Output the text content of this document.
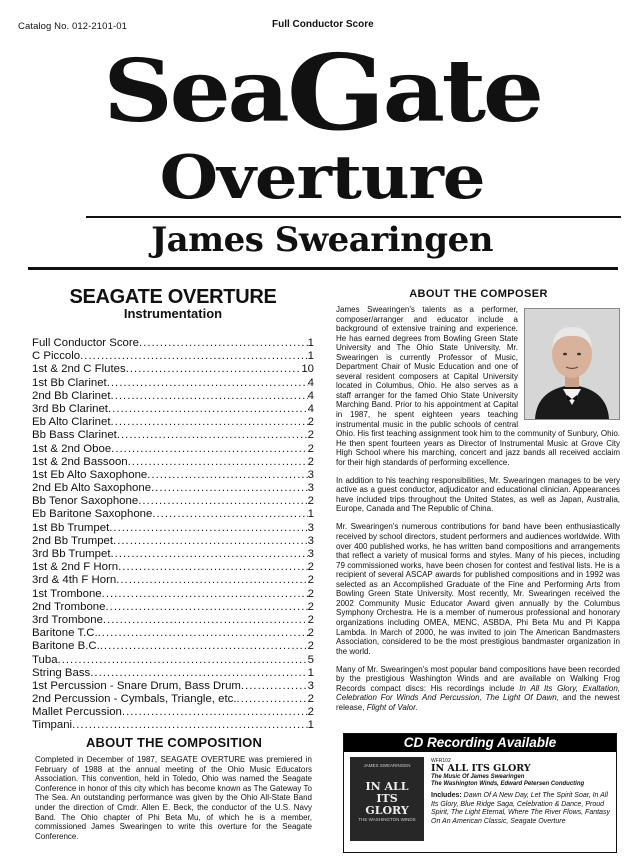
Catalog No. 012-2101-01	Full Conductor Score
SeaGate
Overture
James Swearingen
SEAGATE OVERTURE
Instrumentation
Full Conductor Score .....	1
C Piccolo .....	1
1st & 2nd C Flutes .....	10
1st Bb Clarinet .....	4
2nd Bb Clarinet .....	4
3rd Bb Clarinet .....	4
Eb Alto Clarinet .....	2
Bb Bass Clarinet .....	2
1st & 2nd Oboe .....	2
1st & 2nd Bassoon .....	2
1st Eb Alto Saxophone .....	3
2nd Eb Alto Saxophone .....	3
Bb Tenor Saxophone .....	2
Eb Baritone Saxophone .....	1
1st Bb Trumpet .....	3
2nd Bb Trumpet .....	3
3rd Bb Trumpet .....	3
1st & 2nd F Horn .....	2
3rd & 4th F Horn .....	2
1st Trombone .....	2
2nd Trombone .....	2
3rd Trombone .....	2
Baritone T.C. .....	2
Baritone B.C. .....	2
Tuba .....	5
String Bass .....	1
1st Percussion - Snare Drum, Bass Drum .....	3
2nd Percussion - Cymbals, Triangle, etc. .....	2
Mallet Percussion .....	2
Timpani .....	1
ABOUT THE COMPOSITION
Completed in December of 1987, SEAGATE OVERTURE was premiered in February of 1988 at the annual meeting of the Ohio Music Educators Association. This convention, held in Toledo, Ohio was named the Seagate Conference in honor of this city which has become known as The Gateway To The Sea. An outstanding performance was given by the Ohio All-State Band under the direction of Cmdr. Allen E. Beck, the conductor of the U.S. Navy Band. The Ohio chapter of Phi Beta Mu, of which he is a member, commissioned James Swearingen to write this overture for the Seagate Conference.
ABOUT THE COMPOSER

James Swearingen's talents as a performer, composer/arranger and educator include a background of extensive training and experience. He has earned degrees from Bowling Green State University and The Ohio State University. Mr. Swearingen is currently Professor of Music, Department Chair of Music Education and one of several resident composers at Capital University located in Columbus, Ohio. He also serves as a staff arranger for the famed Ohio State University Marching Band. Prior to his appointment at Capital in 1987, he spent eighteen years teaching instrumental music in the public schools of central Ohio. His first teaching assignment took him to the community of Sunbury, Ohio. He then spent fourteen years as Director of Instrumental Music at Grove City High School where his marching, concert and jazz bands all received acclaim for their high standards of performing excellence.

In addition to his teaching responsibilities, Mr. Swearingen manages to be very active as a guest conductor, adjudicator and educational clinician. Appearances have included trips throughout the United States, as well as Japan, Australia, Europe, Canada and The Republic of China.

Mr. Swearingen's numerous contributions for band have been enthusiastically received by school directors, student performers and audiences worldwide. With over 400 published works, he has written band compositions and arrangements that reflect a variety of musical forms and styles. Many of his pieces, including 79 commissioned works, have been chosen for contest and festival lists. He is a recipient of several ASCAP awards for published compositions and in 1992 was selected as an Accomplished Graduate of the Fine and Performing Arts from Bowling Green State University. Most recently, Mr. Swearingen received the 2002 Community Music Educator Award given annually by the Columbus Symphony Orchestra. He is a member of numerous professional and honorary organizations including OMEA, MENC, ASBDA, Phi Beta Mu and Pi Kappa Lambda. In March of 2000, he was invited to join The American Bandmasters Association, considered to be the most prestigious bandmaster organization in the world.

Many of Mr. Swearingen's most popular band compositions have been recorded by the prestigious Washington Winds and are available on Walking Frog Records compact discs: His recordings include In All Its Glory, Exaltation, Celebration For Winds And Percussion, The Light Of Dawn, and the newest release, Flight of Valor.

CD Recording Available
JAMES SWEARINGEN
IN ALL ITS GLORY
THE WASHINGTON WINDS
WFR102
IN ALL ITS GLORY
The Music Of James Swearingen
The Washington Winds, Edward Petersen Conducting
Includes: Dawn Of A New Day, Let The Spirit Soar, In All Its Glory, Blue Ridge Saga, Celebration & Dance, Proud Spirit, The Light Eternal, Where The River Flows, Fantasy On An American Classic, Seagate Overture
